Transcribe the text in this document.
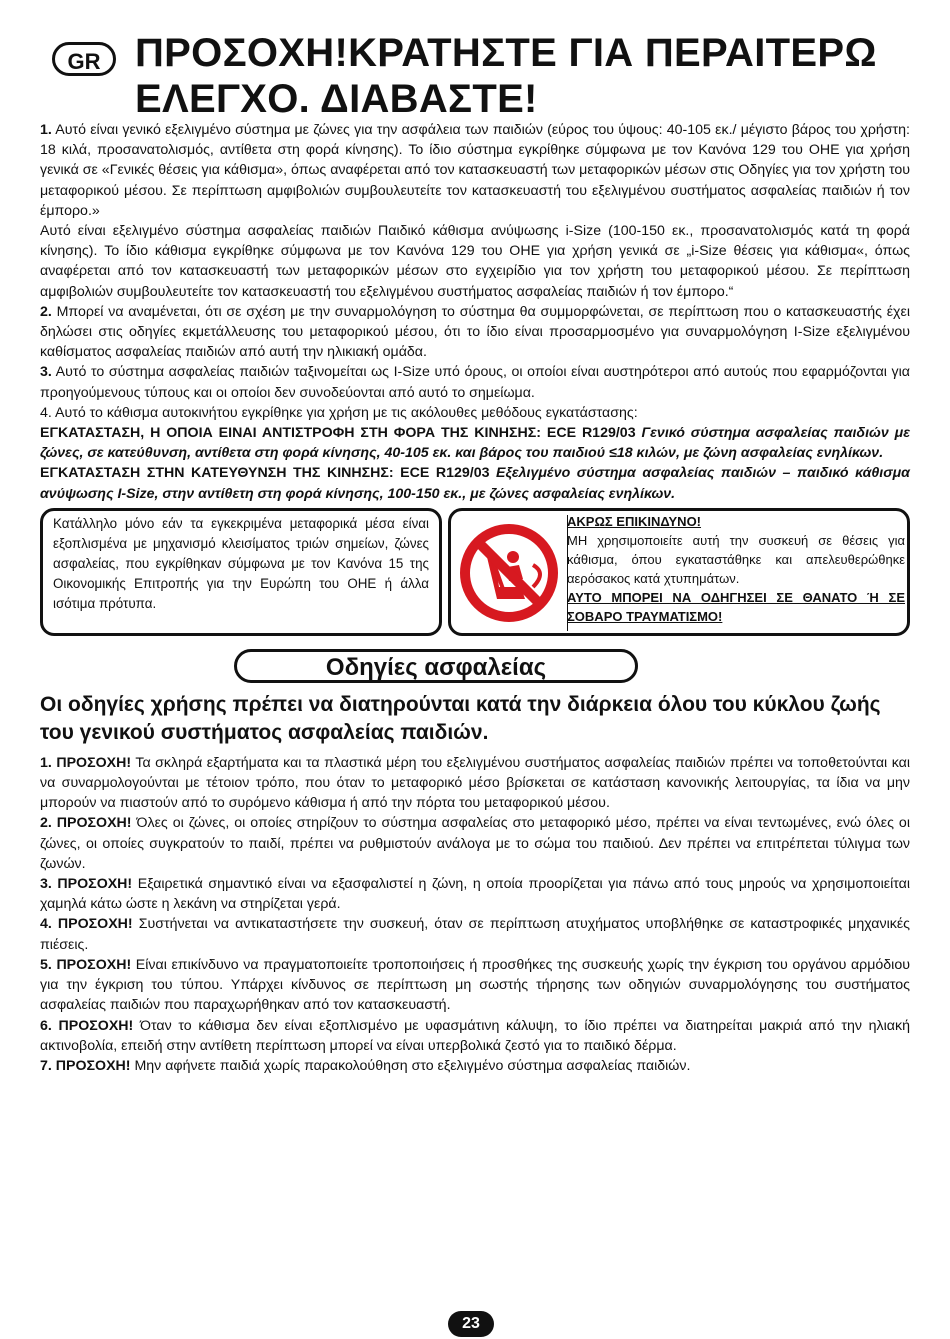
GR ΠΡΟΣΟΧΗ!ΚΡΑΤΗΣΤΕ ΓΙΑ ΠΕΡΑΙΤΕΡΩ ΕΛΕΓΧΟ. ΔΙΑΒΑΣΤΕ!

1. Αυτό είναι γενικό εξελιγμένο σύστημα με ζώνες για την ασφάλεια των παιδιών (εύρος του ύψους: 40-105 εκ./ μέγιστο βάρος του χρήστη: 18 κιλά, προσανατολισμός, αντίθετα στη φορά κίνησης). Το ίδιο σύστημα εγκρίθηκε σύμφωνα με τον Κανόνα 129 του ΟΗΕ για χρήση γενικά σε «Γενικές θέσεις για κάθισμα», όπως αναφέρεται από τον κατασκευαστή των μεταφορικών μέσων στις Οδηγίες για τον χρήστη του μεταφορικού μέσου. Σε περίπτωση αμφιβολιών συμβουλευτείτε τον κατασκευαστή του εξελιγμένου συστήματος ασφαλείας παιδιών ή τον έμπορο.»

Αυτό είναι εξελιγμένο σύστημα ασφαλείας παιδιών Παιδικό κάθισμα ανύψωσης i-Size (100-150 εκ., προσανατολισμός κατά τη φορά κίνησης). Το ίδιο κάθισμα εγκρίθηκε σύμφωνα με τον Κανόνα 129 του ΟΗΕ για χρήση γενικά σε „i-Size θέσεις για κάθισμα«, όπως αναφέρεται από τον κατασκευαστή των μεταφορικών μέσων στο εγχειρίδιο για τον χρήστη του μεταφορικού μέσου. Σε περίπτωση αμφιβολιών συμβουλευτείτε τον κατασκευαστή του εξελιγμένου συστήματος ασφαλείας παιδιών ή τον έμπορο.“

2. Μπορεί να αναμένεται, ότι σε σχέση με την συναρμολόγηση το σύστημα θα συμμορφώνεται, σε περίπτωση που ο κατασκευαστής έχει δηλώσει στις οδηγίες εκμετάλλευσης του μεταφορικού μέσου, ότι το ίδιο είναι προσαρμοσμένο για συναρμολόγηση I-Size εξελιγμένου καθίσματος ασφαλείας παιδιών από αυτή την ηλικιακή ομάδα.

3. Αυτό το σύστημα ασφαλείας παιδιών ταξινομείται ως I-Size υπό όρους, οι οποίοι είναι αυστηρότεροι από αυτούς που εφαρμόζονται για προηγούμενους τύπους και οι οποίοι δεν συνοδεύονται από αυτό το σημείωμα.

4. Αυτό το κάθισμα αυτοκινήτου εγκρίθηκε για χρήση με τις ακόλουθες μεθόδους εγκατάστασης:

ΕΓΚΑΤΑΣΤΑΣΗ, Η ΟΠΟΙΑ ΕΙΝΑΙ ΑΝΤΙΣΤΡΟΦΗ ΣΤΗ ΦΟΡΑ ΤΗΣ ΚΙΝΗΣΗΣ: ECE R129/03 Γενικό σύστημα ασφαλείας παιδιών με ζώνες, σε κατεύθυνση, αντίθετα στη φορά κίνησης, 40-105 εκ. και βάρος του παιδιού ≤18 κιλών, με ζώνη ασφαλείας ενηλίκων.

ΕΓΚΑΤΑΣΤΑΣΗ ΣΤΗΝ ΚΑΤΕΥΘΥΝΣΗ ΤΗΣ ΚΙΝΗΣΗΣ: ECE R129/03 Εξελιγμένο σύστημα ασφαλείας παιδιών – παιδικό κάθισμα ανύψωσης I-Size, στην αντίθετη στη φορά κίνησης, 100-150 εκ., με ζώνες ασφαλείας ενηλίκων.

Κατάλληλο μόνο εάν τα εγκεκριμένα μεταφορικά μέσα είναι εξοπλισμένα με μηχανισμό κλεισίματος τριών σημείων, ζώνες ασφαλείας, που εγκρίθηκαν σύμφωνα με τον Κανόνα 15 της Οικονομικής Επιτροπής για την Ευρώπη του ΟΗΕ ή άλλα ισότιμα πρότυπα.
ΑΚΡΩΣ ΕΠΙΚΙΝΔΥΝΟ!
ΜΗ χρησιμοποιείτε αυτή την συσκευή σε θέσεις για κάθισμα, όπου εγκαταστάθηκε και απελευθερώθηκε αερόσακος κατά χτυπημάτων.
ΑΥΤΟ ΜΠΟΡΕΙ ΝΑ ΟΔΗΓΗΣΕΙ ΣΕ ΘΑΝΑΤΟ Ή ΣΕ ΣΟΒΑΡΟ ΤΡΑΥΜΑΤΙΣΜΟ!
Οδηγίες ασφαλείας
Οι οδηγίες χρήσης πρέπει να διατηρούνται κατά την διάρκεια όλου του κύκλου ζωής του γενικού συστήματος ασφαλείας παιδιών.

1. ΠΡΟΣΟΧΗ! Τα σκληρά εξαρτήματα και τα πλαστικά μέρη του εξελιγμένου συστήματος ασφαλείας παιδιών πρέπει να τοποθετούνται και να συναρμολογούνται με τέτοιον τρόπο, που όταν το μεταφορικό μέσο βρίσκεται σε κατάσταση κανονικής λειτουργίας, τα ίδια να μην μπορούν να πιαστούν από το συρόμενο κάθισμα ή από την πόρτα του μεταφορικού μέσου.

2. ΠΡΟΣΟΧΗ! Όλες οι ζώνες, οι οποίες στηρίζουν το σύστημα ασφαλείας στο μεταφορικό μέσο, πρέπει να είναι τεντωμένες, ενώ όλες οι ζώνες, οι οποίες συγκρατούν το παιδί, πρέπει να ρυθμιστούν ανάλογα με το σώμα του παιδιού. Δεν πρέπει να επιτρέπεται τύλιγμα των ζωνών.

3. ΠΡΟΣΟΧΗ! Εξαιρετικά σημαντικό είναι να εξασφαλιστεί η ζώνη, η οποία προορίζεται για πάνω από τους μηρούς να χρησιμοποιείται χαμηλά κάτω ώστε η λεκάνη να στηρίζεται γερά.

4. ΠΡΟΣΟΧΗ! Συστήνεται να αντικαταστήσετε την συσκευή, όταν σε περίπτωση ατυχήματος υποβλήθηκε σε καταστροφικές μηχανικές πιέσεις.

5. ΠΡΟΣΟΧΗ! Είναι επικίνδυνο να πραγματοποιείτε τροποποιήσεις ή προσθήκες της συσκευής χωρίς την έγκριση του οργάνου αρμόδιου για την έγκριση του τύπου. Υπάρχει κίνδυνος σε περίπτωση μη σωστής τήρησης των οδηγιών συναρμολόγησης του συστήματος ασφαλείας παιδιών που παραχωρήθηκαν από τον κατασκευαστή.

6. ΠΡΟΣΟΧΗ! Όταν το κάθισμα δεν είναι εξοπλισμένο με υφασμάτινη κάλυψη, το ίδιο πρέπει να διατηρείται μακριά από την ηλιακή ακτινοβολία, επειδή στην αντίθετη περίπτωση μπορεί να είναι υπερβολικά ζεστό για το παιδικό δέρμα.

7. ΠΡΟΣΟΧΗ! Μην αφήνετε παιδιά χωρίς παρακολούθηση στο εξελιγμένο σύστημα ασφαλείας παιδιών.

23
